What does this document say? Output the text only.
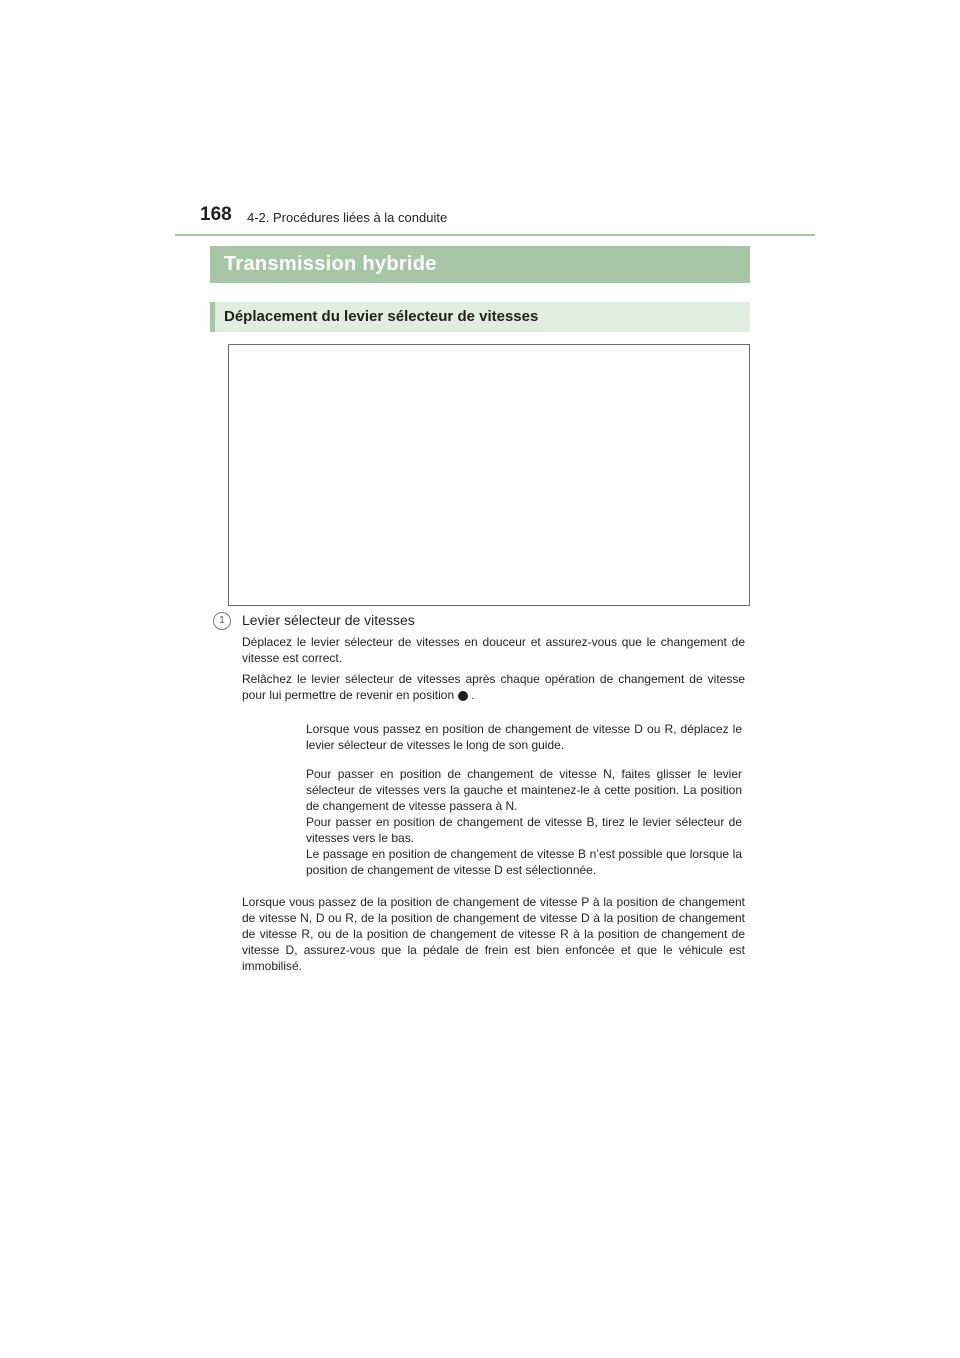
168 4-2. Procédures liées à la conduite
Transmission hybride
Déplacement du levier sélecteur de vitesses
1	Levier sélecteur de vitesses
Déplacez le levier sélecteur de vitesses en douceur et assurez-vous que le changement de vitesse est correct.
Relâchez le levier sélecteur de vitesses après chaque opération de changement de vitesse pour lui permettre de revenir en position .
Lorsque vous passez en position de changement de vitesse D ou R, déplacez le levier sélecteur de vitesses le long de son guide.
Pour passer en position de changement de vitesse N, faites glisser le levier sélecteur de vitesses vers la gauche et maintenez-le à cette position. La position de changement de vitesse passera à N.
Pour passer en position de changement de vitesse B, tirez le levier sélecteur de vitesses vers le bas.
Le passage en position de changement de vitesse B n’est possible que lorsque la position de changement de vitesse D est sélectionnée.
Lorsque vous passez de la position de changement de vitesse P à la position de changement de vitesse N, D ou R, de la position de changement de vitesse D à la position de changement de vitesse R, ou de la position de changement de vitesse R à la position de changement de vitesse D, assurez-vous que la pédale de frein est bien enfoncée et que le véhicule est immobilisé.
